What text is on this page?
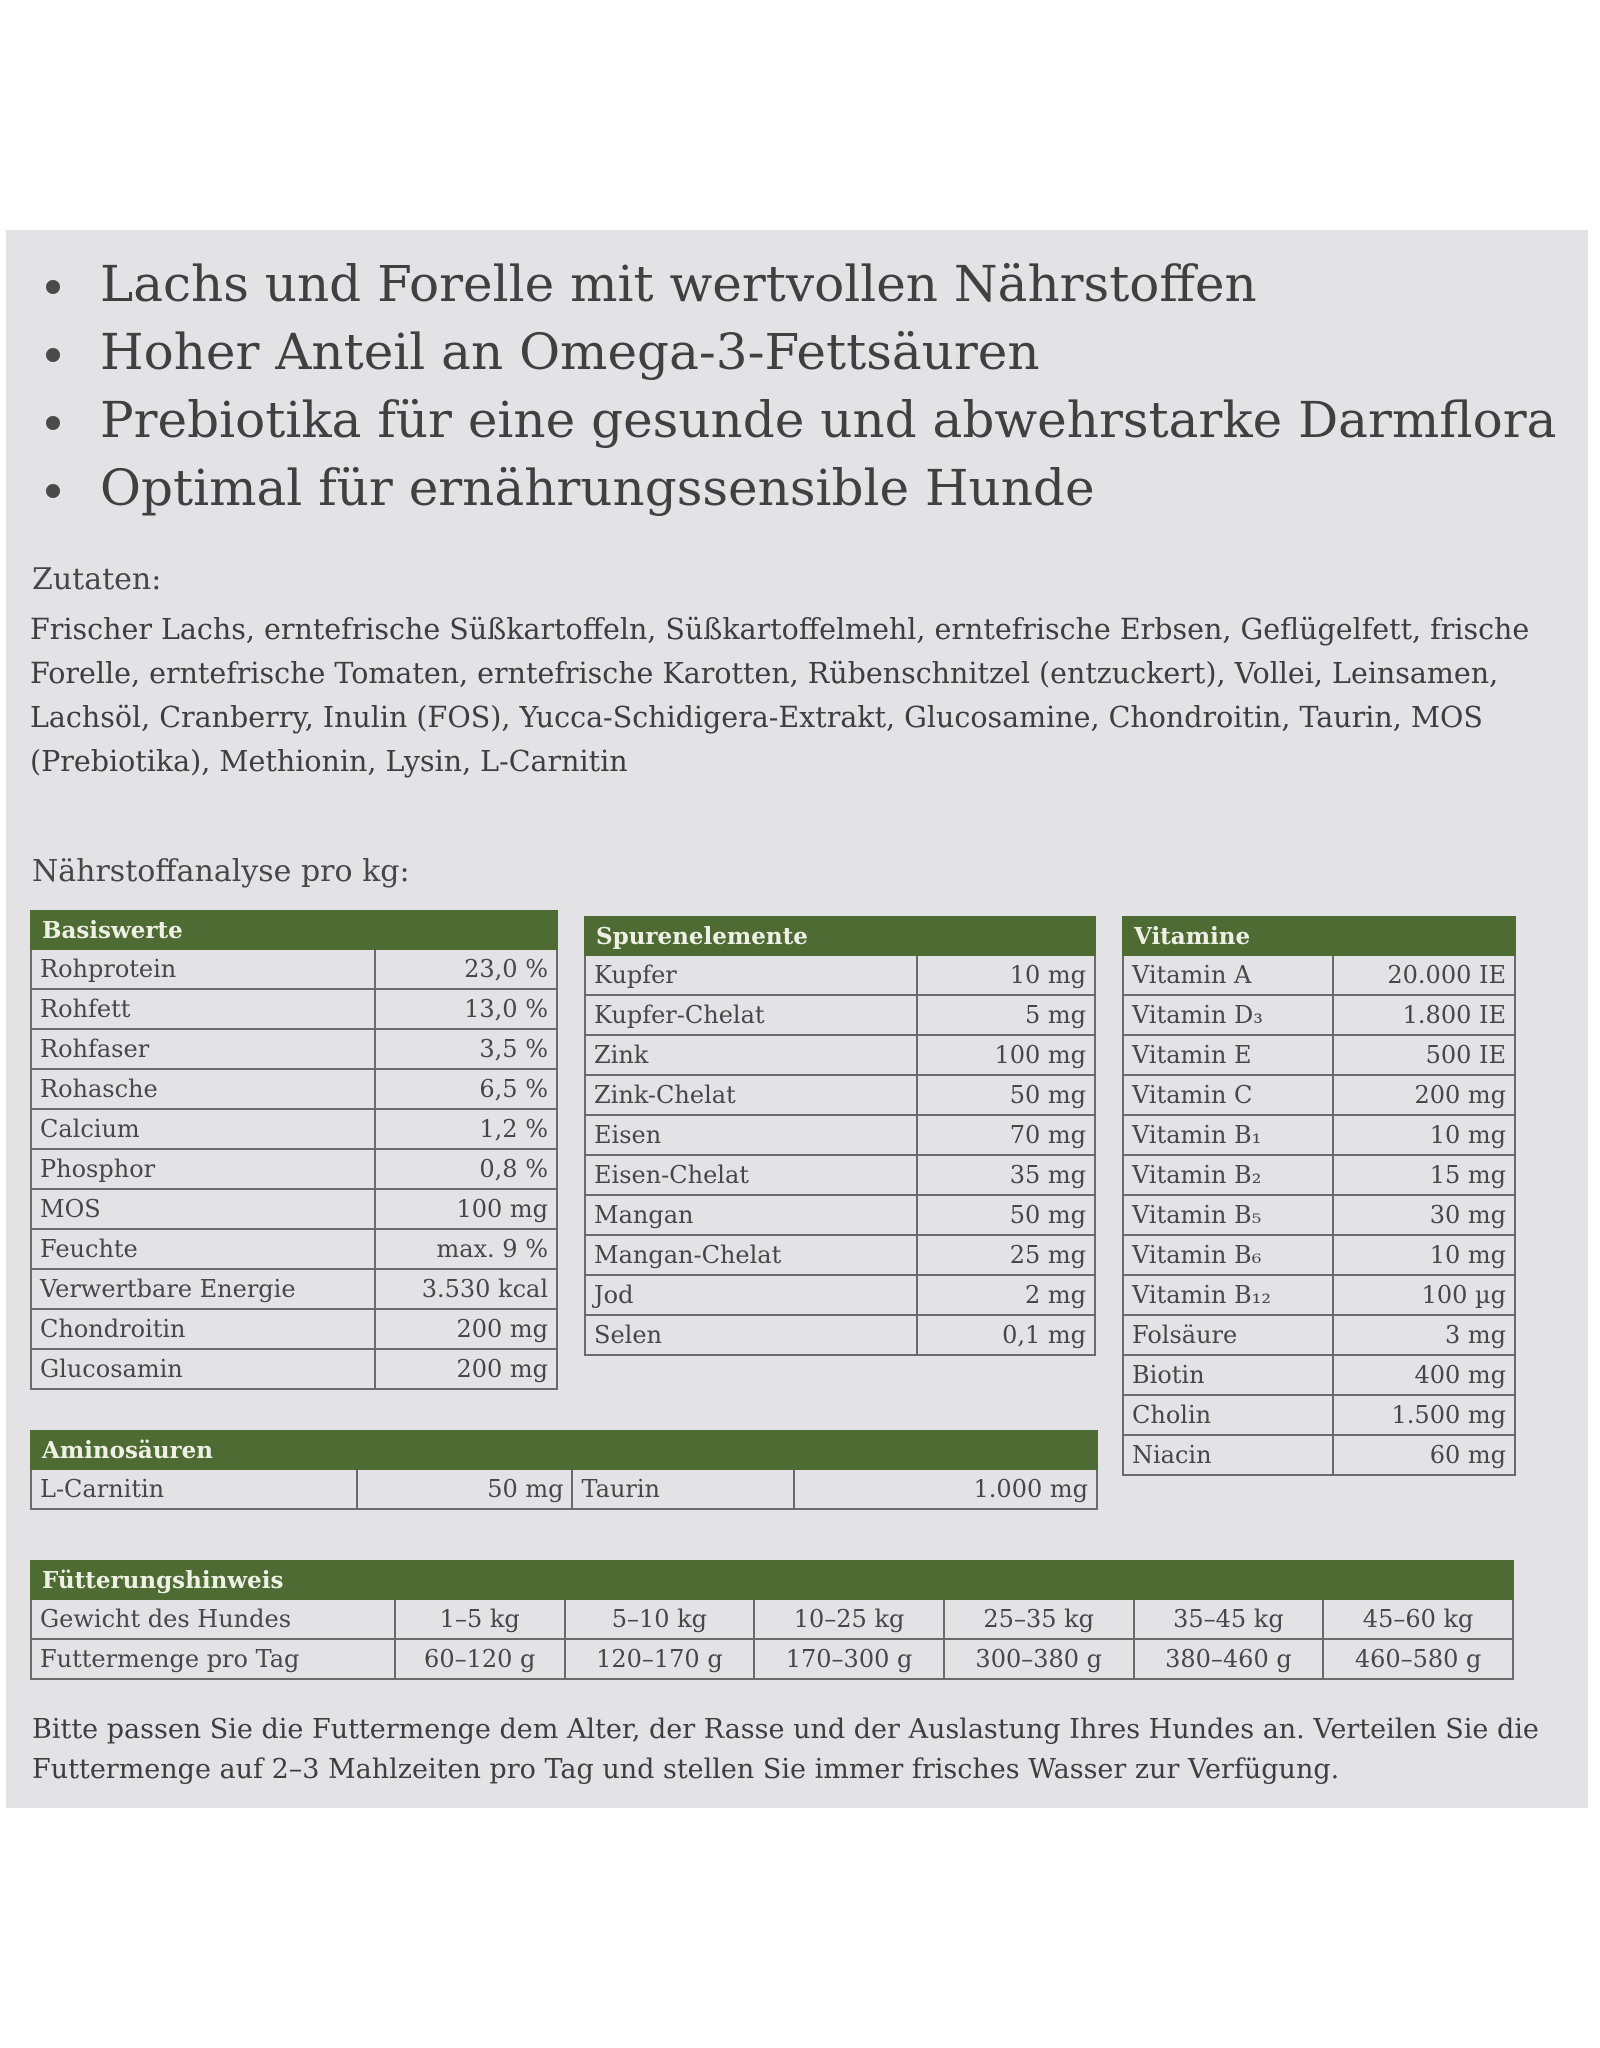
Lachs und Forelle mit wertvollen Nährstoffen
Hoher Anteil an Omega-3-Fettsäuren
Prebiotika für eine gesunde und abwehrstarke Darmflora
Optimal für ernährungssensible Hunde
Zutaten:
Frischer Lachs, erntefrische Süßkartoffeln, Süßkartoffelmehl, erntefrische Erbsen, Geflügelfett, frische Forelle, erntefrische Tomaten, erntefrische Karotten, Rübenschnitzel (entzuckert), Vollei, Leinsamen, Lachsöl, Cranberry, Inulin (FOS), Yucca-Schidigera-Extrakt, Glucosamine, Chondroitin, Taurin, MOS (Prebiotika), Methionin, Lysin, L-Carnitin
Nährstoffanalyse pro kg:
Basiswerte	
Rohprotein	23,0 %
Rohfett	13,0 %
Rohfaser	3,5 %
Rohasche	6,5 %
Calcium	1,2 %
Phosphor	0,8 %
MOS	100 mg
Feuchte	max. 9 %
Verwertbare Energie	3.530 kcal
Chondroitin	200 mg
Glucosamin	200 mg
Spurenelemente	
Kupfer	10 mg
Kupfer-Chelat	5 mg
Zink	100 mg
Zink-Chelat	50 mg
Eisen	70 mg
Eisen-Chelat	35 mg
Mangan	50 mg
Mangan-Chelat	25 mg
Jod	2 mg
Selen	0,1 mg
Vitamine	
Vitamin A	20.000 IE
Vitamin D₃	1.800 IE
Vitamin E	500 IE
Vitamin C	200 mg
Vitamin B₁	10 mg
Vitamin B₂	15 mg
Vitamin B₅	30 mg
Vitamin B₆	10 mg
Vitamin B₁₂	100 µg
Folsäure	3 mg
Biotin	400 mg
Cholin	1.500 mg
Niacin	60 mg
Aminosäuren
L-Carnitin	50 mg	Taurin	1.000 mg
Fütterungshinweis						
Gewicht des Hundes	1–5 kg	5–10 kg	10–25 kg	25–35 kg	35–45 kg	45–60 kg
Futtermenge pro Tag	60–120 g	120–170 g	170–300 g	300–380 g	380–460 g	460–580 g
Bitte passen Sie die Futtermenge dem Alter, der Rasse und der Auslastung Ihres Hundes an. Verteilen Sie die Futtermenge auf 2–3 Mahlzeiten pro Tag und stellen Sie immer frisches Wasser zur Verfügung.
